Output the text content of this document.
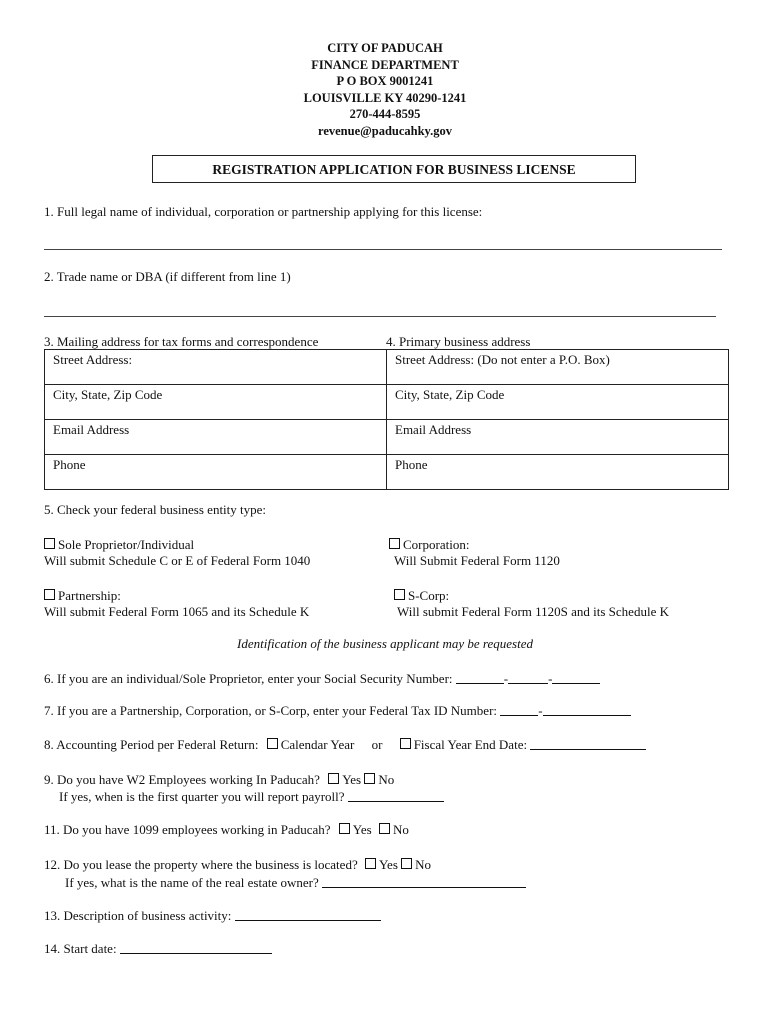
CITY OF PADUCAH
FINANCE DEPARTMENT
P O BOX 9001241
LOUISVILLE KY 40290-1241
270-444-8595
revenue@paducahky.gov
REGISTRATION APPLICATION FOR BUSINESS LICENSE
1. Full legal name of individual, corporation or partnership applying for this license:
2. Trade name or DBA (if different from line 1)
3. Mailing address for tax forms and correspondence	4. Primary business address
Street Address:	Street Address: (Do not enter a P.O. Box)
City, State, Zip Code	City, State, Zip Code
Email Address	Email Address
Phone	Phone
5. Check your federal business entity type:
Sole Proprietor/Individual
Will submit Schedule C or E of Federal Form 1040
Corporation:
Will Submit Federal Form 1120
Partnership:
Will submit Federal Form 1065 and its Schedule K
S-Corp:
Will submit Federal Form 1120S and its Schedule K
Identification of the business applicant may be requested
6. If you are an individual/Sole Proprietor, enter your Social Security Number:	-	-
7. If you are a Partnership, Corporation, or S-Corp, enter your Federal Tax ID Number:	-
8. Accounting Period per Federal Return: Calendar Year or Fiscal Year End Date:
9. Do you have W2 Employees working In Paducah? Yes No
If yes, when is the first quarter you will report payroll?
11. Do you have 1099 employees working in Paducah? Yes No
12. Do you lease the property where the business is located? Yes No
If yes, what is the name of the real estate owner?
13. Description of business activity:
14. Start date:
